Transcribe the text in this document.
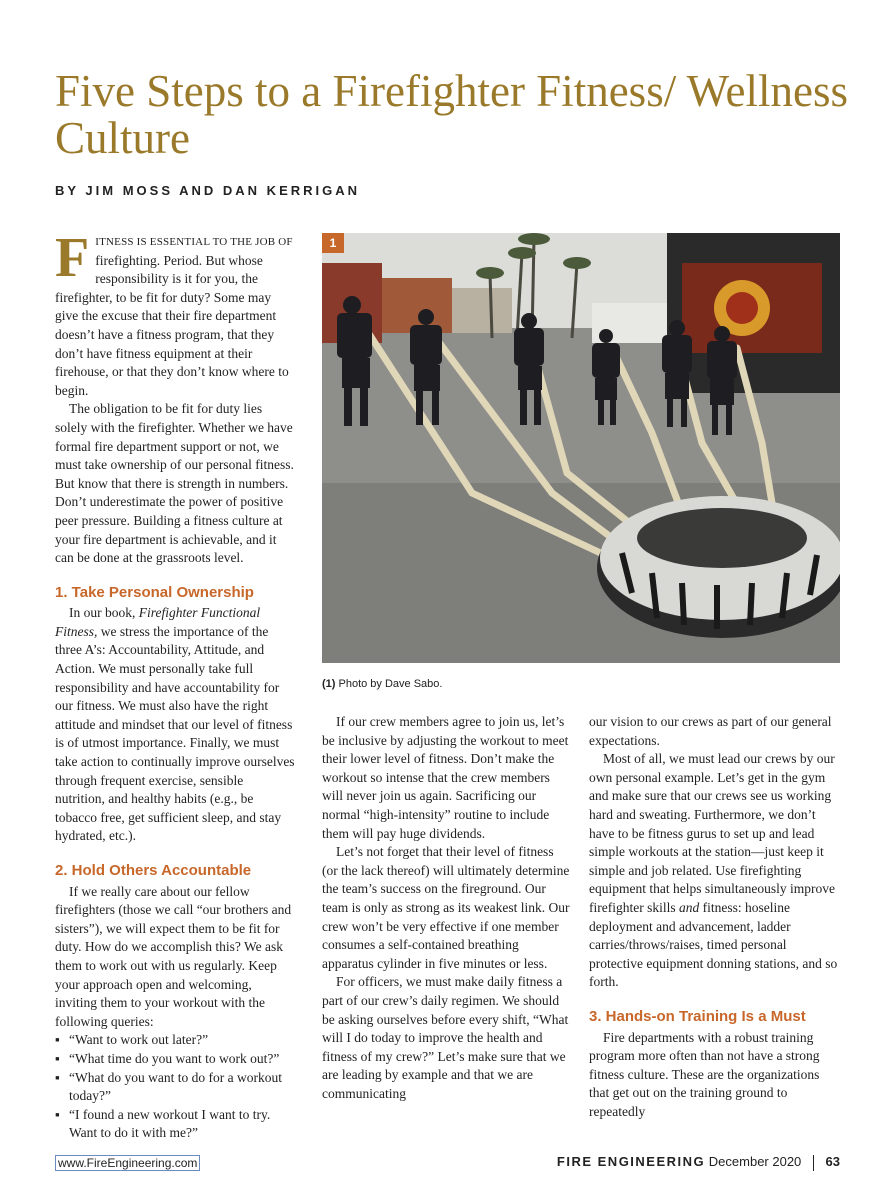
Five Steps to a Firefighter Fitness/ Wellness Culture
BY JIM MOSS AND DAN KERRIGAN

FITNESS IS ESSENTIAL TO THE JOB OF firefighting. Period. But whose responsibility is it for you, the firefighter, to be fit for duty? Some may give the excuse that their fire department doesn’t have a fitness program, that they don’t have fitness equipment at their firehouse, or that they don’t know where to begin.

The obligation to be fit for duty lies solely with the firefighter. Whether we have formal fire department support or not, we must take ownership of our personal fitness. But know that there is strength in numbers. Don’t underestimate the power of positive peer pressure. Building a fitness culture at your fire department is achievable, and it can be done at the grassroots level.

1. Take Personal Ownership

In our book, Firefighter Functional Fitness, we stress the importance of the three A’s: Accountability, Attitude, and Action. We must personally take full responsibility and have accountability for our fitness. We must also have the right attitude and mindset that our level of fitness is of utmost importance. Finally, we must take action to continually improve ourselves through frequent exercise, sensible nutrition, and healthy habits (e.g., be tobacco free, get sufficient sleep, and stay hydrated, etc.).

2. Hold Others Accountable

If we really care about our fellow firefighters (those we call “our brothers and sisters”), we will expect them to be fit for duty. How do we accomplish this? We ask them to work out with us regularly. Keep your approach open and welcoming, inviting them to your workout with the following queries:

▪ “Want to work out later?”
▪ “What time do you want to work out?”
▪ “What do you want to do for a workout today?”
▪ “I found a new workout I want to try. Want to do it with me?”
1
(1) Photo by Dave Sabo.

If our crew members agree to join us, let’s be inclusive by adjusting the workout to meet their lower level of fitness. Don’t make the workout so intense that the crew members will never join us again. Sacrificing our normal “high-intensity” routine to include them will pay huge dividends.

Let’s not forget that their level of fitness (or the lack thereof) will ultimately determine the team’s success on the fireground. Our team is only as strong as its weakest link. Our crew won’t be very effective if one member consumes a self-contained breathing apparatus cylinder in five minutes or less.

For officers, we must make daily fitness a part of our crew’s daily regimen. We should be asking ourselves before every shift, “What will I do today to improve the health and fitness of my crew?” Let’s make sure that we are leading by example and that we are communicating

our vision to our crews as part of our general expectations.

Most of all, we must lead our crews by our own personal example. Let’s get in the gym and make sure that our crews see us working hard and sweating. Furthermore, we don’t have to be fitness gurus to set up and lead simple workouts at the station—just keep it simple and job related. Use firefighting equipment that helps simultaneously improve firefighter skills and fitness: hoseline deployment and advancement, ladder carries/throws/raises, timed personal protective equipment donning stations, and so forth.

3. Hands-on Training Is a Must

Fire departments with a robust training program more often than not have a strong fitness culture. These are the organizations that get out on the training ground to repeatedly

www.FireEngineering.com	FIRE ENGINEERING December 2020 63
